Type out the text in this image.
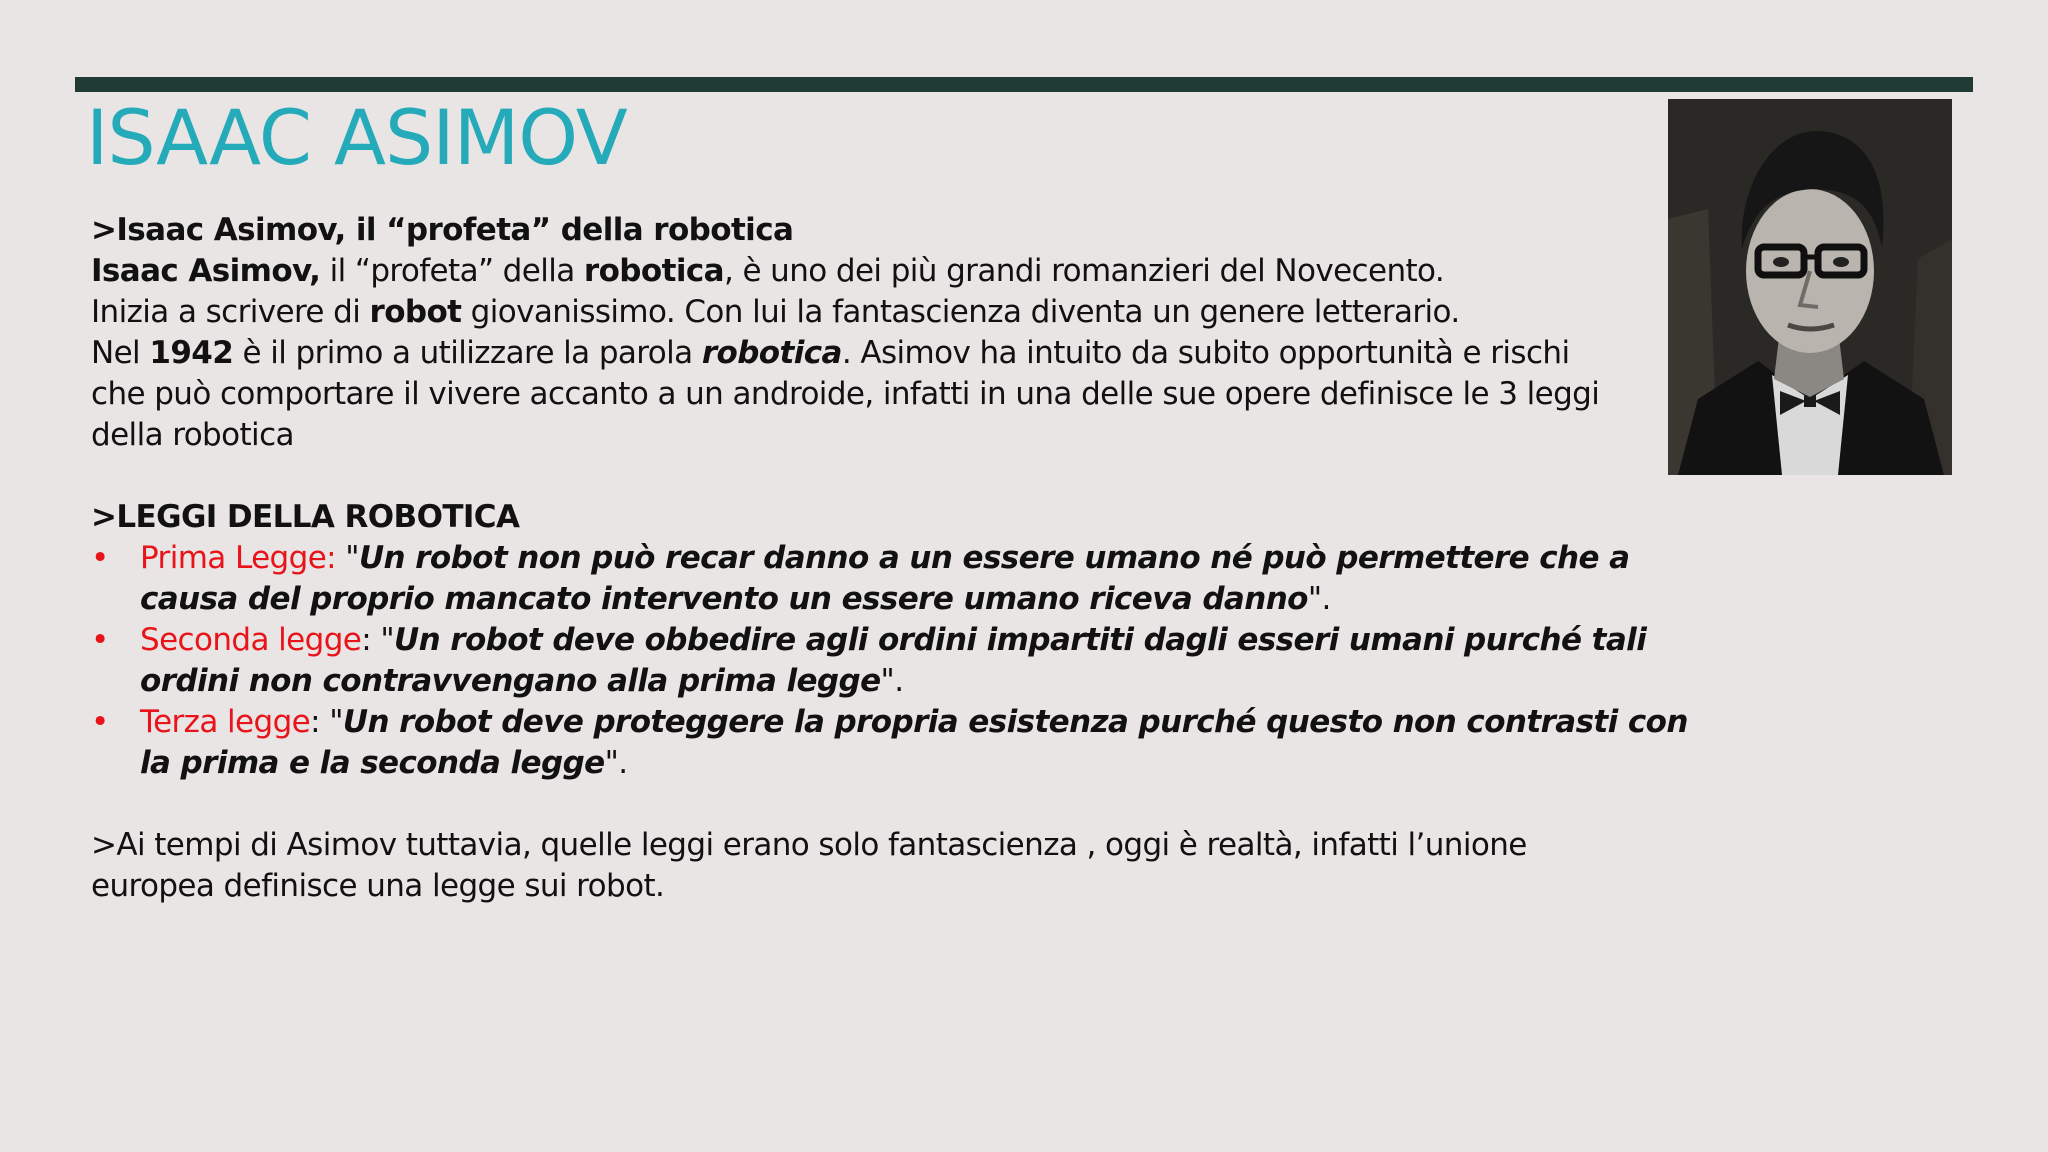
ISAAC ASIMOV

>Isaac Asimov, il “profeta” della robotica

Isaac Asimov, il “profeta” della robotica, è uno dei più grandi romanzieri del Novecento.

Inizia a scrivere di robot giovanissimo. Con lui la fantascienza diventa un genere letterario.

Nel 1942 è il primo a utilizzare la parola robotica. Asimov ha intuito da subito opportunità e rischi

che può comportare il vivere accanto a un androide, infatti in una delle sue opere definisce le 3 leggi

della robotica

>LEGGI DELLA ROBOTICA

• Prima Legge: "Un robot non può recar danno a un essere umano né può permettere che a

causa del proprio mancato intervento un essere umano riceva danno".

• Seconda legge: "Un robot deve obbedire agli ordini impartiti dagli esseri umani purché tali

ordini non contravvengano alla prima legge".

• Terza legge: "Un robot deve proteggere la propria esistenza purché questo non contrasti con

la prima e la seconda legge".

>Ai tempi di Asimov tuttavia, quelle leggi erano solo fantascienza , oggi è realtà, infatti l’unione

europea definisce una legge sui robot.
